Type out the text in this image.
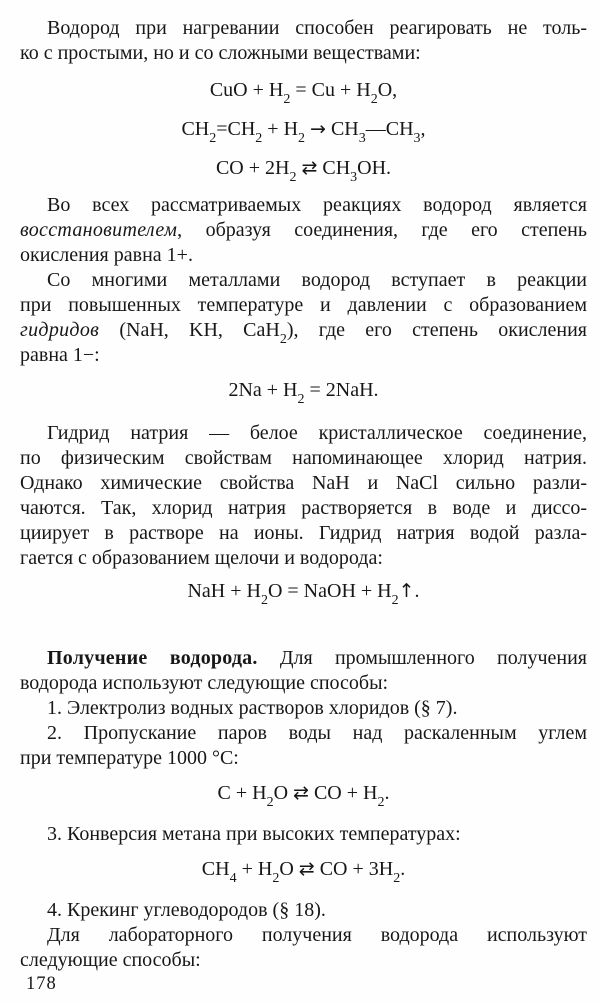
Водород при нагревании способен реагировать не толь-
ко с простыми, но и со сложными веществами:
CuO + $H_2 = Cu + H_2O$,
$CH_2=CH_2 + H_2$ → $CH_3—CH_3$,
CO + $2H_2$ ⇄ $CH_3OH$.
Во всех рассматриваемых реакциях водород является
восстановителем, образуя соединения, где его степень
окисления равна 1+.
Со многими металлами водород вступает в реакции
при повышенных температуре и давлении с образованием
гидридов (NaH, KH, CaH$_2$), где его степень окисления
равна 1−:
$2Na + H_2 = 2NaH$.
Гидрид натрия — белое кристаллическое соединение,
по физическим свойствам напоминающее хлорид натрия.
Однако химические свойства NaH и NaCl сильно разли-
чаются. Так, хлорид натрия растворяется в воде и диссо-
циирует в растворе на ионы. Гидрид натрия водой разла-
гается с образованием щелочи и водорода:
NaH + $H_2O$ = NaOH + $H_2↑$.
Получение водорода. Для промышленного получения
водорода используют следующие способы:
1. Электролиз водных растворов хлоридов (§ 7).
2. Пропускание паров воды над раскаленным углем
при температуре 1000 °С:
$C + H_2O$ ⇄ CO + $H_2$.
3. Конверсия метана при высоких температурах:
$CH_4 + H_2O$ ⇄ CO + $3H_2$.
4. Крекинг углеводородов (§ 18).
Для лабораторного получения водорода используют
следующие способы:
178
